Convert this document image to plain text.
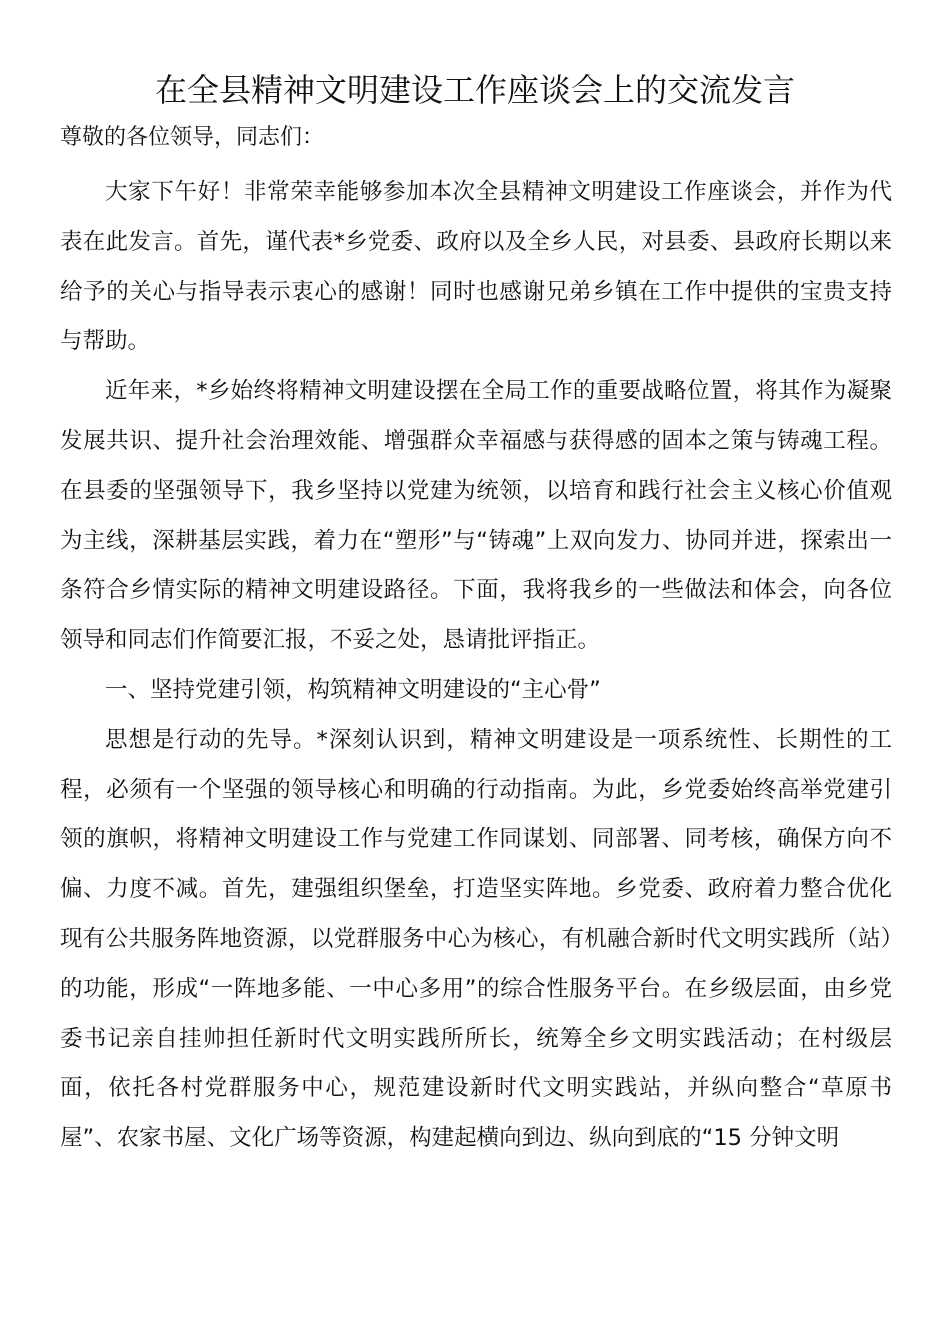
在全县精神文明建设工作座谈会上的交流发言

尊敬的各位领导，同志们：

大家下午好！非常荣幸能够参加本次全县精神文明建设工作座谈会，并作为代表在此发言。首先，谨代表*乡党委、政府以及全乡人民，对县委、县政府长期以来给予的关心与指导表示衷心的感谢！同时也感谢兄弟乡镇在工作中提供的宝贵支持与帮助。

近年来，*乡始终将精神文明建设摆在全局工作的重要战略位置，将其作为凝聚发展共识、提升社会治理效能、增强群众幸福感与获得感的固本之策与铸魂工程。在县委的坚强领导下，我乡坚持以党建为统领，以培育和践行社会主义核心价值观为主线，深耕基层实践，着力在“塑形”与“铸魂”上双向发力、协同并进，探索出一条符合乡情实际的精神文明建设路径。下面，我将我乡的一些做法和体会，向各位领导和同志们作简要汇报，不妥之处，恳请批评指正。

一、坚持党建引领，构筑精神文明建设的“主心骨”

思想是行动的先导。*深刻认识到，精神文明建设是一项系统性、长期性的工程，必须有一个坚强的领导核心和明确的行动指南。为此，乡党委始终高举党建引领的旗帜，将精神文明建设工作与党建工作同谋划、同部署、同考核，确保方向不偏、力度不减。首先，建强组织堡垒，打造坚实阵地。乡党委、政府着力整合优化现有公共服务阵地资源，以党群服务中心为核心，有机融合新时代文明实践所（站）的功能，形成“一阵地多能、一中心多用”的综合性服务平台。在乡级层面，由乡党委书记亲自挂帅担任新时代文明实践所所长，统筹全乡文明实践活动；在村级层面，依托各村党群服务中心，规范建设新时代文明实践站，并纵向整合“草原书屋”、农家书屋、文化广场等资源，构建起横向到边、纵向到底的“15 分钟文明
